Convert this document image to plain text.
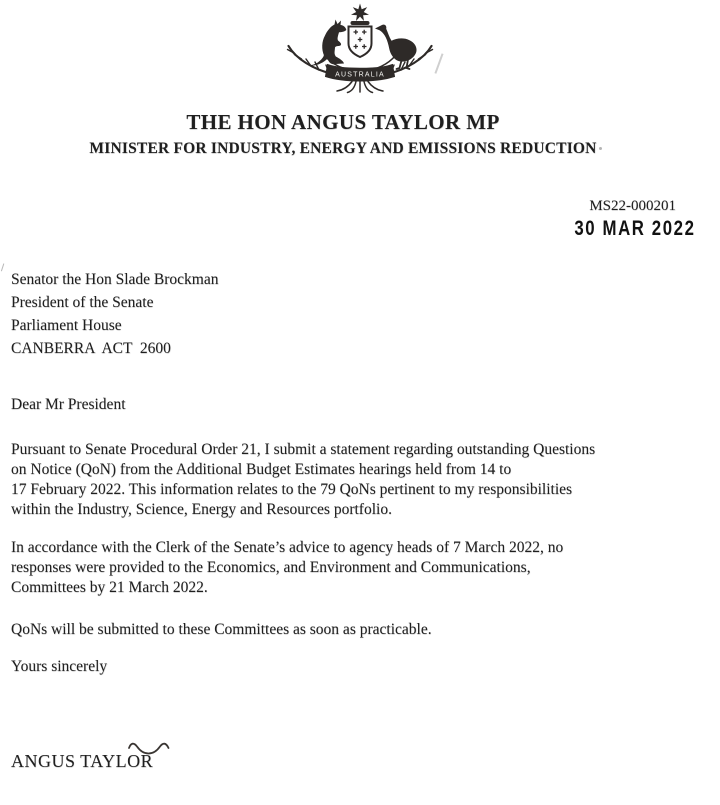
AUSTRALIA
THE HON ANGUS TAYLOR MP
MINISTER FOR INDUSTRY, ENERGY AND EMISSIONS REDUCTION
MS22-000201
30 MAR 2022
Senator the Hon Slade Brockman
President of the Senate
Parliament House
CANBERRA  ACT  2600
Dear Mr President
Pursuant to Senate Procedural Order 21, I submit a statement regarding outstanding Questions
on Notice (QoN) from the Additional Budget Estimates hearings held from 14 to
17 February 2022. This information relates to the 79 QoNs pertinent to my responsibilities
within the Industry, Science, Energy and Resources portfolio.
In accordance with the Clerk of the Senate’s advice to agency heads of 7 March 2022, no
responses were provided to the Economics, and Environment and Communications,
Committees by 21 March 2022.
QoNs will be submitted to these Committees as soon as practicable.
Yours sincerely
ANGUS TAYLOR
